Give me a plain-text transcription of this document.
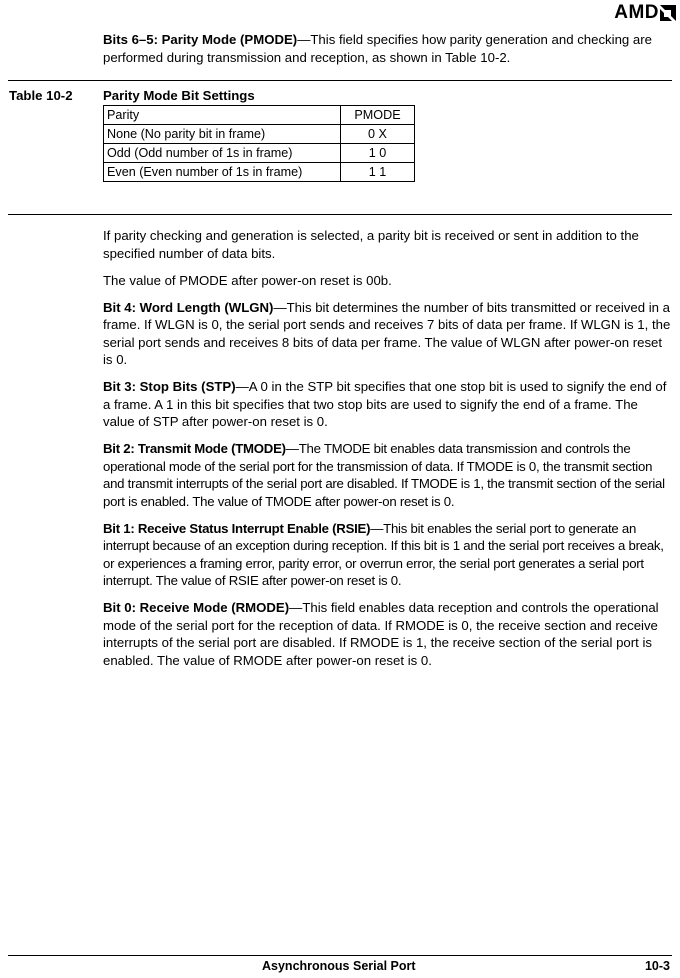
AMD

Bits 6–5: Parity Mode (PMODE)—This field specifies how parity generation and checking are performed during transmission and reception, as shown in Table 10-2.

Table 10-2 Parity Mode Bit Settings
Parity	PMODE
None (No parity bit in frame)	0 X
Odd (Odd number of 1s in frame)	1 0
Even (Even number of 1s in frame)	1 1

If parity checking and generation is selected, a parity bit is received or sent in addition to the specified number of data bits.

The value of PMODE after power-on reset is 00b.

Bit 4: Word Length (WLGN)—This bit determines the number of bits transmitted or received in a frame. If WLGN is 0, the serial port sends and receives 7 bits of data per frame. If WLGN is 1, the serial port sends and receives 8 bits of data per frame. The value of WLGN after power-on reset is 0.

Bit 3: Stop Bits (STP)—A 0 in the STP bit specifies that one stop bit is used to signify the end of a frame. A 1 in this bit specifies that two stop bits are used to signify the end of a frame. The value of STP after power-on reset is 0.

Bit 2: Transmit Mode (TMODE)—The TMODE bit enables data transmission and controls the operational mode of the serial port for the transmission of data. If TMODE is 0, the transmit section and transmit interrupts of the serial port are disabled. If TMODE is 1, the transmit section of the serial port is enabled. The value of TMODE after power-on reset is 0.

Bit 1: Receive Status Interrupt Enable (RSIE)—This bit enables the serial port to generate an interrupt because of an exception during reception. If this bit is 1 and the serial port receives a break, or experiences a framing error, parity error, or overrun error, the serial port generates a serial port interrupt. The value of RSIE after power-on reset is 0.

Bit 0: Receive Mode (RMODE)—This field enables data reception and controls the operational mode of the serial port for the reception of data. If RMODE is 0, the receive section and receive interrupts of the serial port are disabled. If RMODE is 1, the receive section of the serial port is enabled. The value of RMODE after power-on reset is 0.

Asynchronous Serial Port	10-3
